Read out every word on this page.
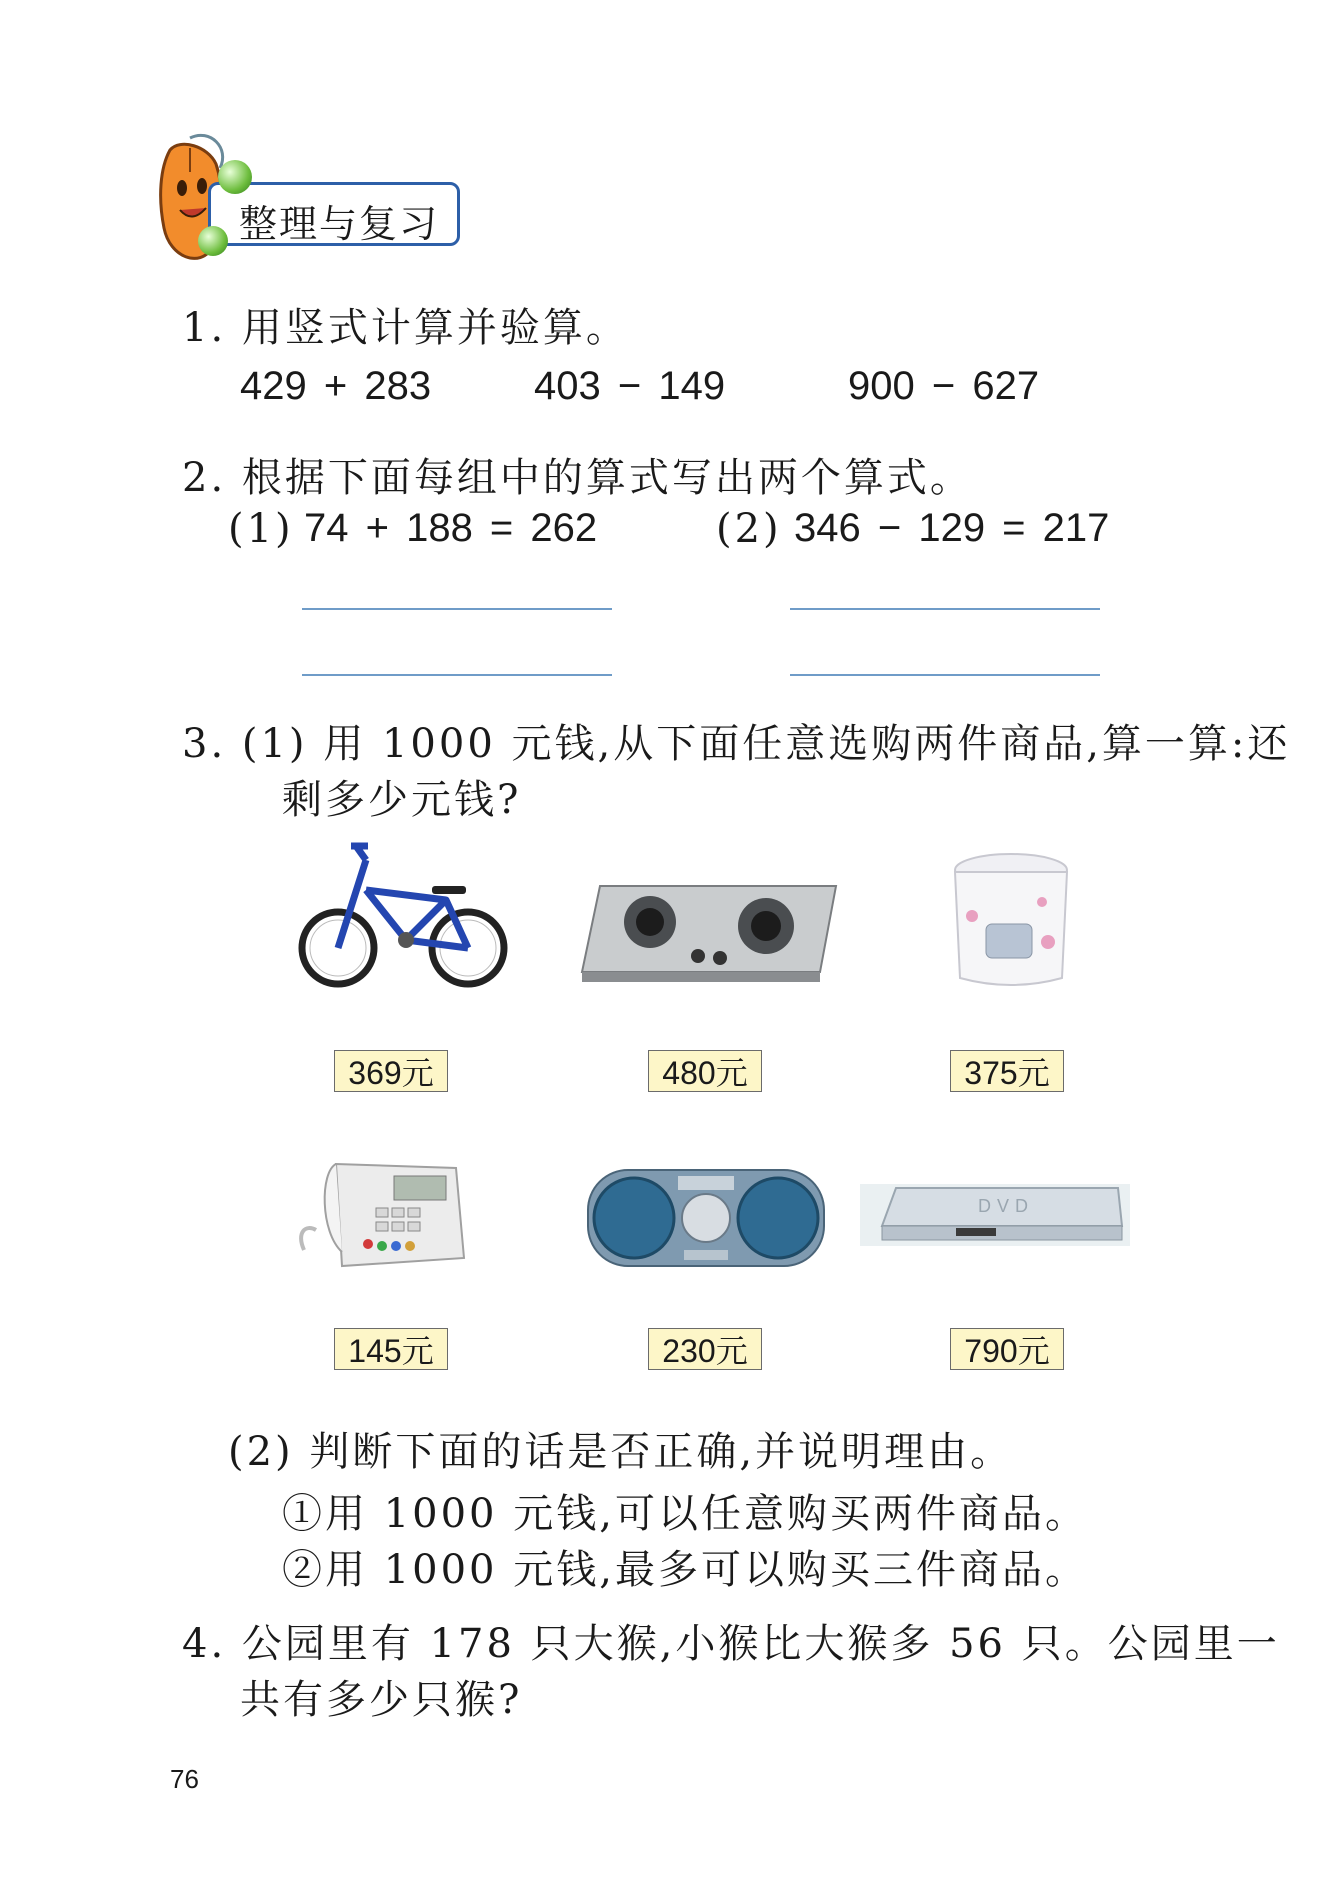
整理与复习
1. 用竖式计算并验算。
429 + 283	403 − 149	900 − 627
2. 根据下面每组中的算式写出两个算式。
(1) 74 + 188 = 262	(2) 346 − 129 = 217
3. (1) 用 1000 元钱,从下面任意选购两件商品,算一算:还
剩多少元钱?
DVD
369元	480元	375元
145元	230元	790元
(2) 判断下面的话是否正确,并说明理由。
①用 1000 元钱,可以任意购买两件商品。
②用 1000 元钱,最多可以购买三件商品。
4. 公园里有 178 只大猴,小猴比大猴多 56 只。公园里一
共有多少只猴?
76
